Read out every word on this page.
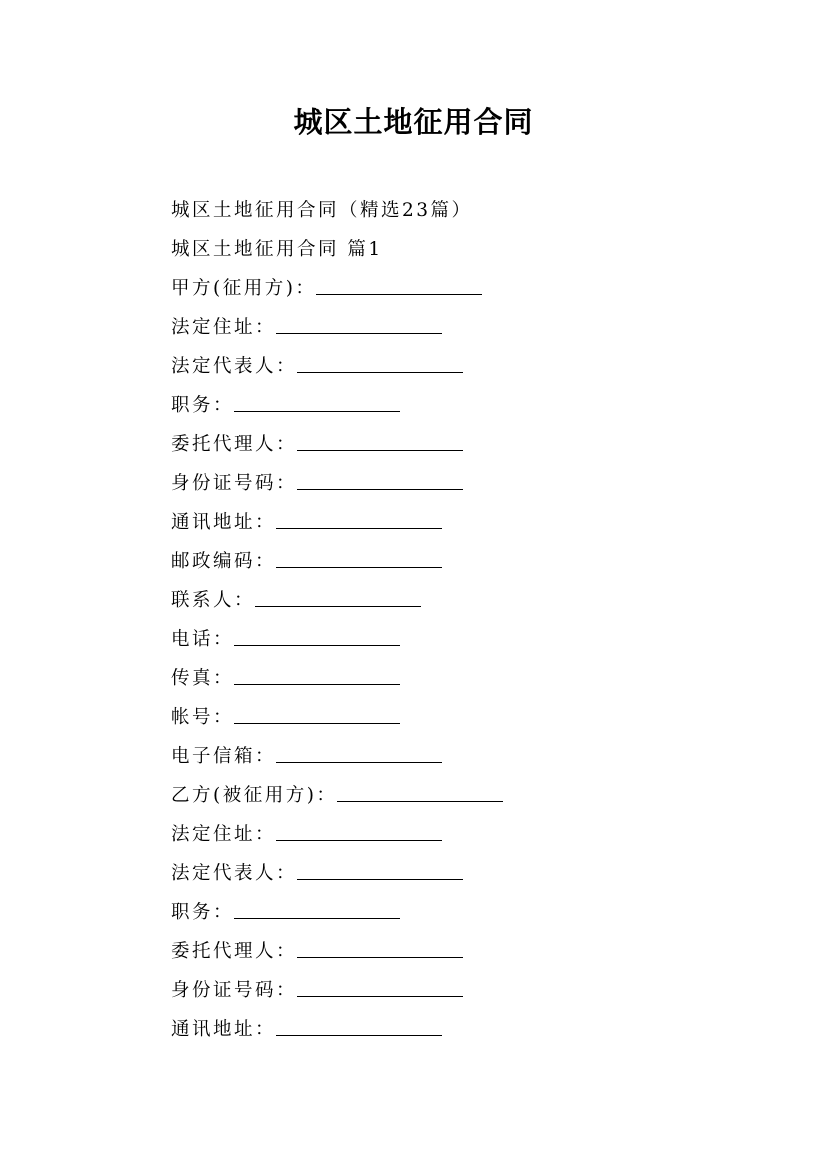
城区土地征用合同
城区土地征用合同（精选23篇）
城区土地征用合同 篇1
甲方(征用方)：
法定住址：
法定代表人：
职务：
委托代理人：
身份证号码：
通讯地址：
邮政编码：
联系人：
电话：
传真：
帐号：
电子信箱：
乙方(被征用方)：
法定住址：
法定代表人：
职务：
委托代理人：
身份证号码：
通讯地址：
